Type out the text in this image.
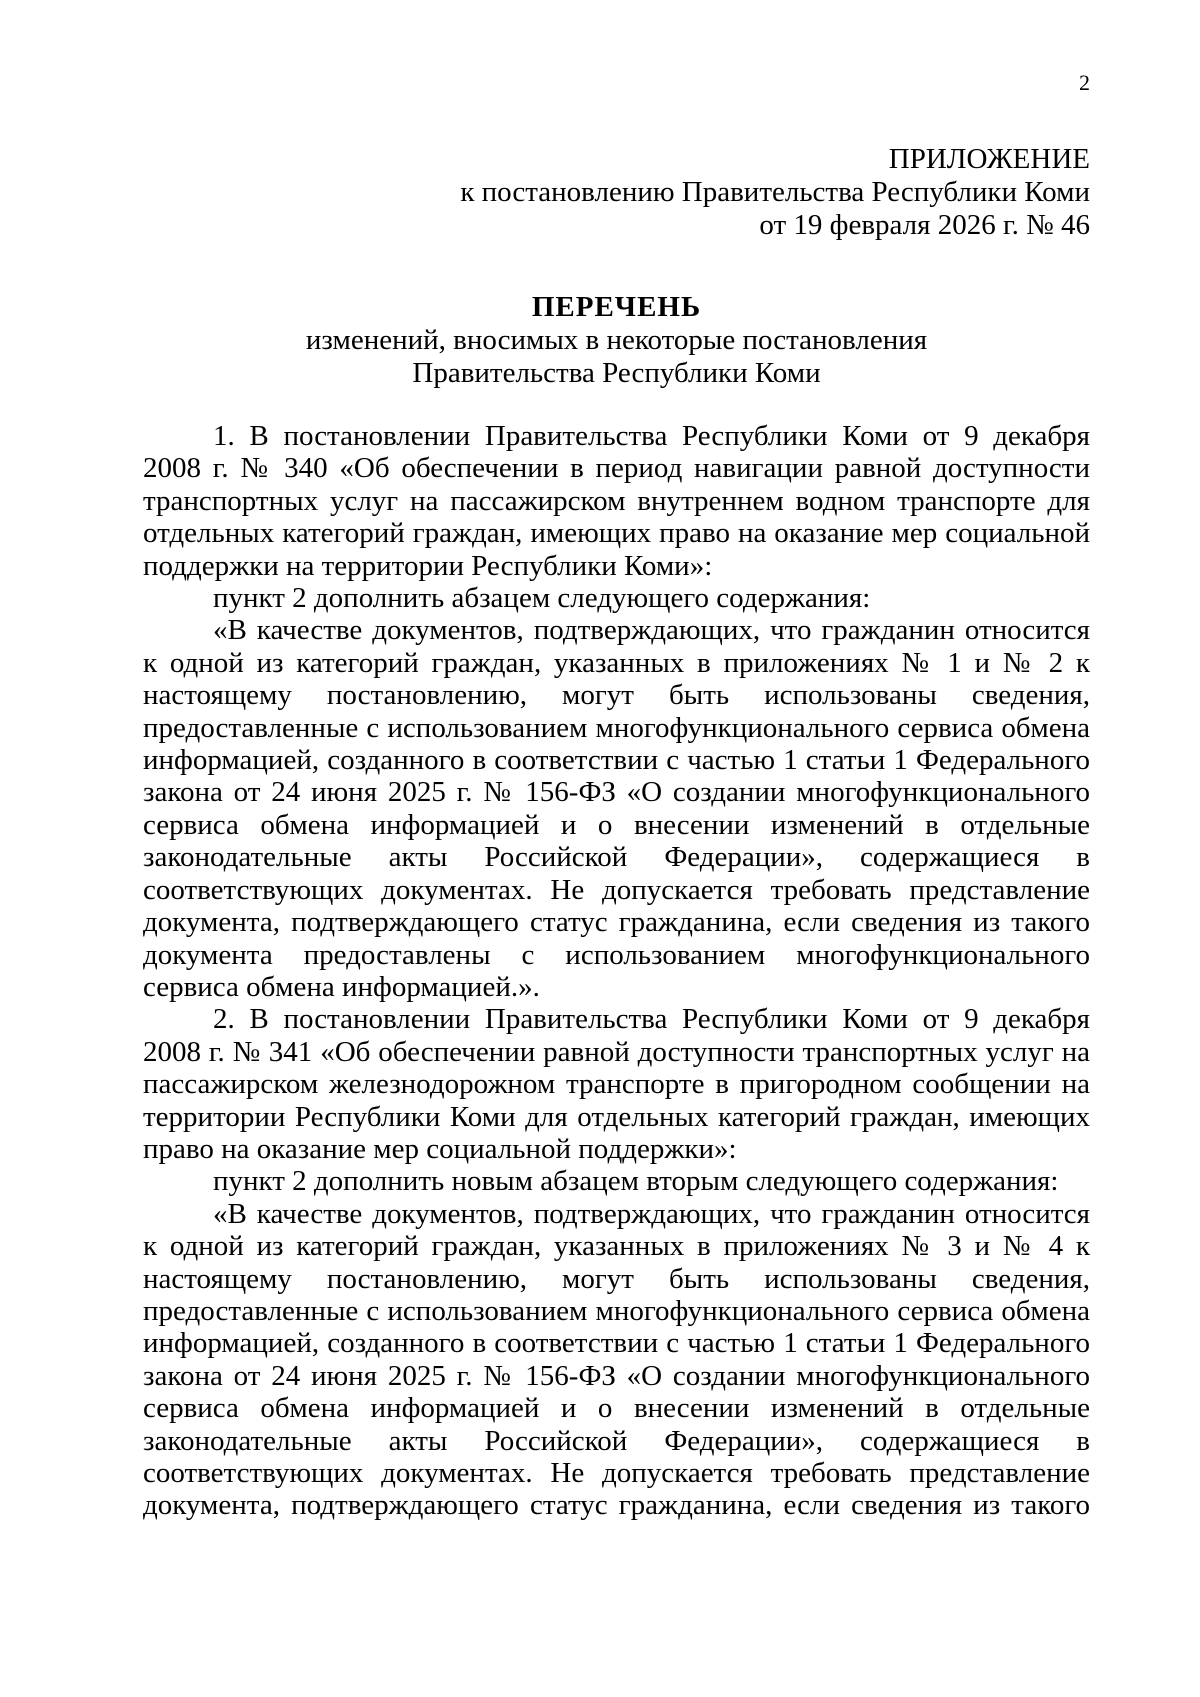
2
ПРИЛОЖЕНИЕ
к постановлению Правительства Республики Коми
от 19 февраля 2026 г. № 46
ПЕРЕЧЕНЬ
изменений, вносимых в некоторые постановления
Правительства Республики Коми

1. В постановлении Правительства Республики Коми от 9 декабря 2008 г. № 340 «Об обеспечении в период навигации равной доступности транспортных услуг на пассажирском внутреннем водном транспорте для отдельных категорий граждан, имеющих право на оказание мер социальной поддержки на территории Республики Коми»:

пункт 2 дополнить абзацем следующего содержания:

«В качестве документов, подтверждающих, что гражданин относится к одной из категорий граждан, указанных в приложениях № 1 и № 2 к настоящему постановлению, могут быть использованы сведения, предоставленные с использованием многофункционального сервиса обмена информацией, созданного в соответствии с частью 1 статьи 1 Федерального закона от 24 июня 2025 г. № 156-ФЗ «О создании многофункционального сервиса обмена информацией и о внесении изменений в отдельные законодательные акты Российской Федерации», содержащиеся в соответствующих документах. Не допускается требовать представление документа, подтверждающего статус гражданина, если сведения из такого документа предоставлены с использованием многофункционального сервиса обмена информацией.».

2. В постановлении Правительства Республики Коми от 9 декабря 2008 г. № 341 «Об обеспечении равной доступности транспортных услуг на пассажирском железнодорожном транспорте в пригородном сообщении на территории Республики Коми для отдельных категорий граждан, имеющих право на оказание мер социальной поддержки»:

пункт 2 дополнить новым абзацем вторым следующего содержания:

«В качестве документов, подтверждающих, что гражданин относится к одной из категорий граждан, указанных в приложениях № 3 и № 4 к настоящему постановлению, могут быть использованы сведения, предоставленные с использованием многофункционального сервиса обмена информацией, созданного в соответствии с частью 1 статьи 1 Федерального закона от 24 июня 2025 г. № 156-ФЗ «О создании многофункционального сервиса обмена информацией и о внесении изменений в отдельные законодательные акты Российской Федерации», содержащиеся в соответствующих документах. Не допускается требовать представление документа, подтверждающего статус гражданина, если сведения из такого
